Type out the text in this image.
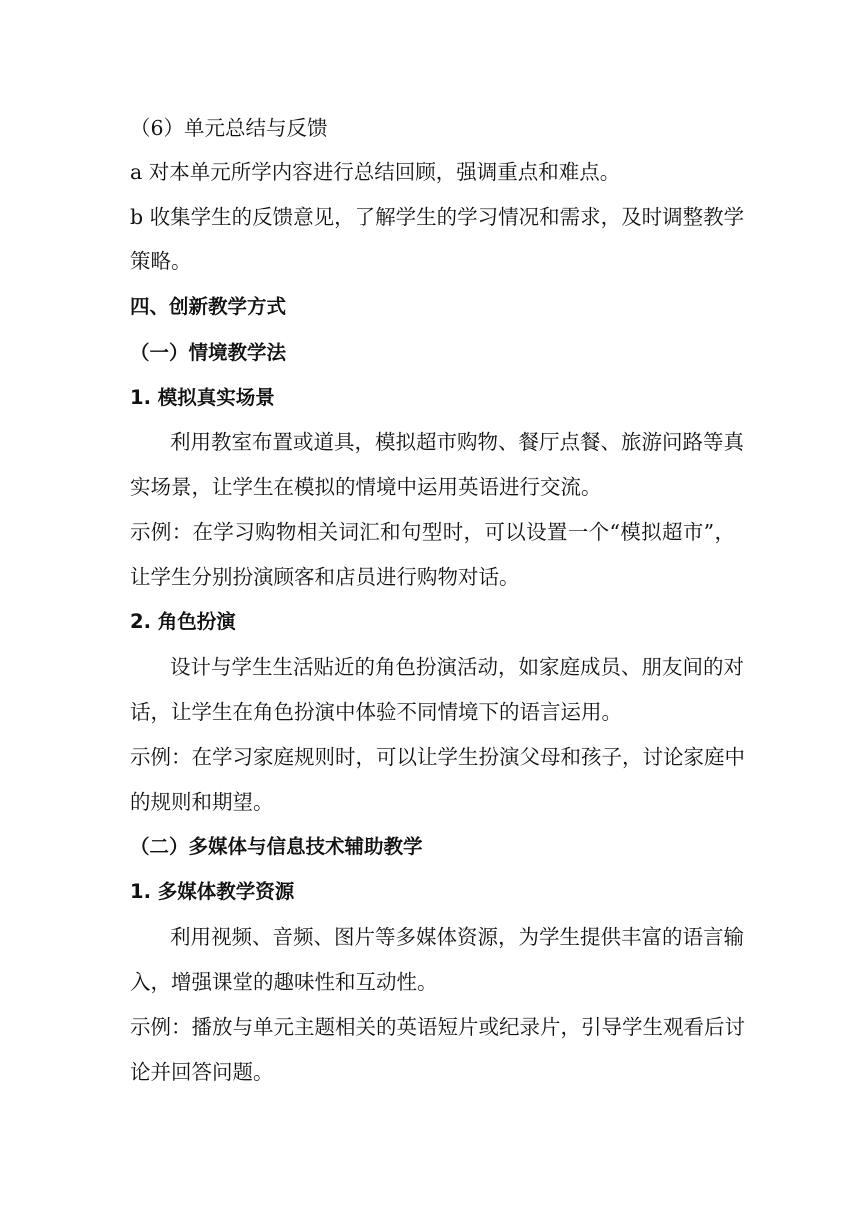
（6）单元总结与反馈
a 对本单元所学内容进行总结回顾，强调重点和难点。
b 收集学生的反馈意见，了解学生的学习情况和需求，及时调整教学
策略。
四、创新教学方式
（一）情境教学法
1. 模拟真实场景
利用教室布置或道具，模拟超市购物、餐厅点餐、旅游问路等真
实场景，让学生在模拟的情境中运用英语进行交流。
示例：在学习购物相关词汇和句型时，可以设置一个“模拟超市”，
让学生分别扮演顾客和店员进行购物对话。
2. 角色扮演
设计与学生生活贴近的角色扮演活动，如家庭成员、朋友间的对
话，让学生在角色扮演中体验不同情境下的语言运用。
示例：在学习家庭规则时，可以让学生扮演父母和孩子，讨论家庭中
的规则和期望。
（二）多媒体与信息技术辅助教学
1. 多媒体教学资源
利用视频、音频、图片等多媒体资源，为学生提供丰富的语言输
入，增强课堂的趣味性和互动性。
示例：播放与单元主题相关的英语短片或纪录片，引导学生观看后讨
论并回答问题。
